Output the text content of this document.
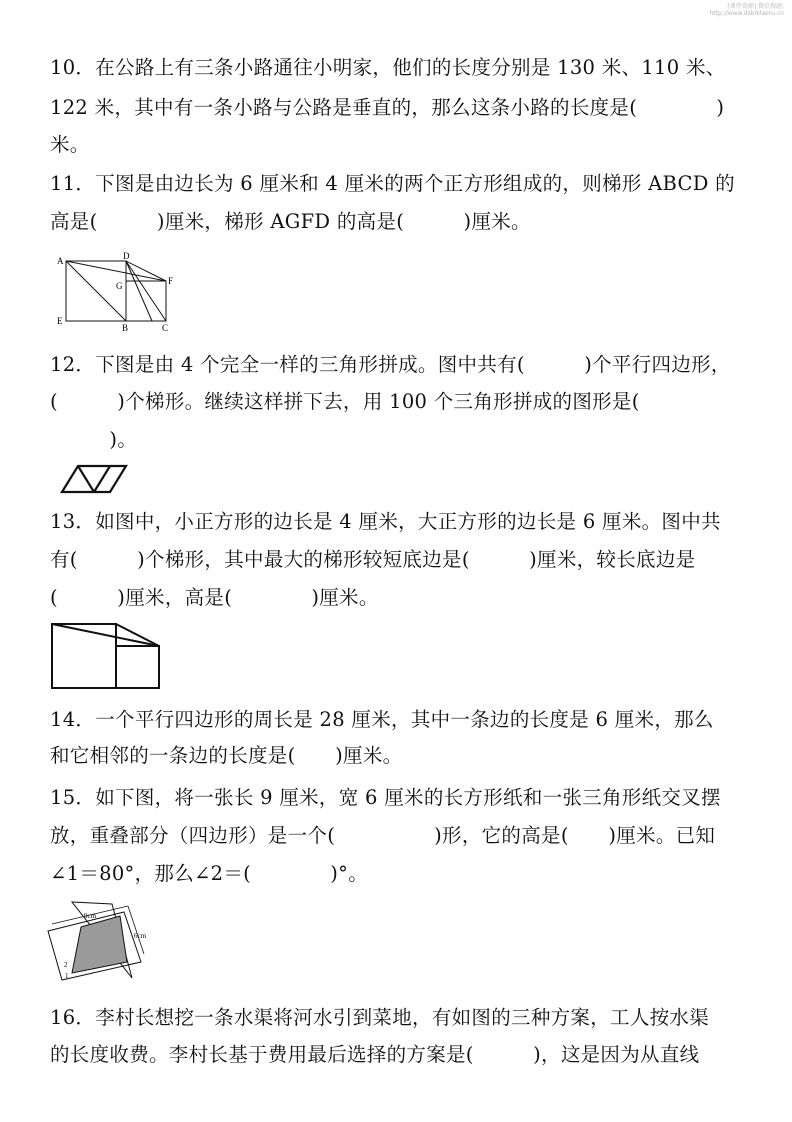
[课件资源] 微信搜题:
http://www.dsbiklaeru.cn
10．在公路上有三条小路通往小明家，他们的长度分别是 130 米、110 米、
122 米，其中有一条小路与公路是垂直的，那么这条小路的长度是(　　　　)
米。
11．下图是由边长为 6 厘米和 4 厘米的两个正方形组成的，则梯形 ABCD 的
高是(　　　)厘米，梯形 AGFD 的高是(　　　)厘米。
A	D
G	F
E
B	C
12．下图是由 4 个完全一样的三角形拼成。图中共有(　　　)个平行四边形，
(　　　)个梯形。继续这样拼下去，用 100 个三角形拼成的图形是(
　　　)。
13．如图中，小正方形的边长是 4 厘米，大正方形的边长是 6 厘米。图中共
有(　　　)个梯形，其中最大的梯形较短底边是(　　　)厘米，较长底边是
(　　　)厘米，高是(　　　　)厘米。
14．一个平行四边形的周长是 28 厘米，其中一条边的长度是 6 厘米，那么
和它相邻的一条边的长度是(　　)厘米。
15．如下图，将一张长 9 厘米，宽 6 厘米的长方形纸和一张三角形纸交叉摆
放，重叠部分（四边形）是一个(　　　　　)形，它的高是(　　)厘米。已知
∠1＝80°，那么∠2＝(　　　　)°。
9cm
6cm
2
1
16．李村长想挖一条水渠将河水引到菜地，有如图的三种方案，工人按水渠
的长度收费。李村长基于费用最后选择的方案是(　　　)，这是因为从直线
